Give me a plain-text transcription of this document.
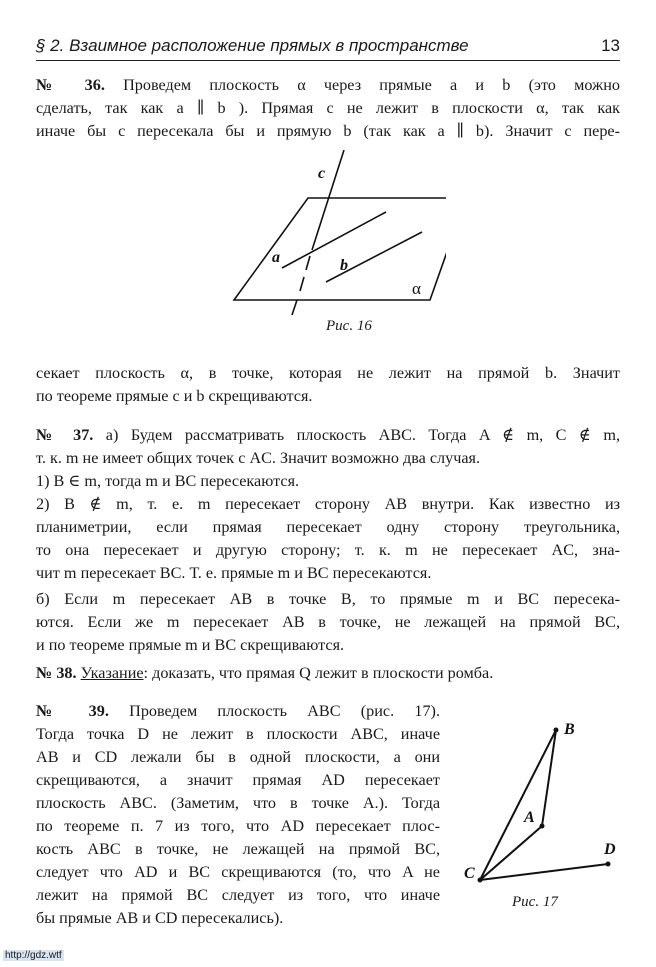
§ 2. Взаимное расположение прямых в пространстве	13
№ 36. Проведем плоскость α через прямые a и b (это можно
сделать, так как a ∥ b ). Прямая c не лежит в плоскости α, так как
иначе бы c пересекала бы и прямую b (так как a ∥ b). Значит c пере-
c
a	b
α
Рис. 16
секает плоскость α, в точке, которая не лежит на прямой b. Значит
по теореме прямые c и b скрещиваются.
№ 37. а) Будем рассматривать плоскость ABC. Тогда A ∉ m, C ∉ m,
т. к. m не имеет общих точек с AC. Значит возможно два случая.
1) B ∈ m, тогда m и BC пересекаются.
2) B ∉ m, т. е. m пересекает сторону AB внутри. Как известно из
планиметрии, если прямая пересекает одну сторону треугольника,
то она пересекает и другую сторону; т. к. m не пересекает AC, зна-
чит m пересекает BC. Т. е. прямые m и BC пересекаются.
б) Если m пересекает AB в точке B, то прямые m и BC пересека-
ются. Если же m пересекает AB в точке, не лежащей на прямой BC,
и по теореме прямые m и BC скрещиваются.
№ 38. Указание: доказать, что прямая Q лежит в плоскости ромба.
№ 39. Проведем плоскость ABC (рис. 17).
Тогда точка D не лежит в плоскости ABC, иначе
AB и CD лежали бы в одной плоскости, а они
скрещиваются, а значит прямая AD пересекает
плоскость ABC. (Заметим, что в точке A.). Тогда
по теореме п. 7 из того, что AD пересекает плос-
кость ABC в точке, не лежащей на прямой BC,
следует что AD и BC скрещиваются (то, что A не
лежит на прямой BC следует из того, что иначе
бы прямые AB и CD пересекались).
B
A
C
D
Рис. 17
http://gdz.wtf
